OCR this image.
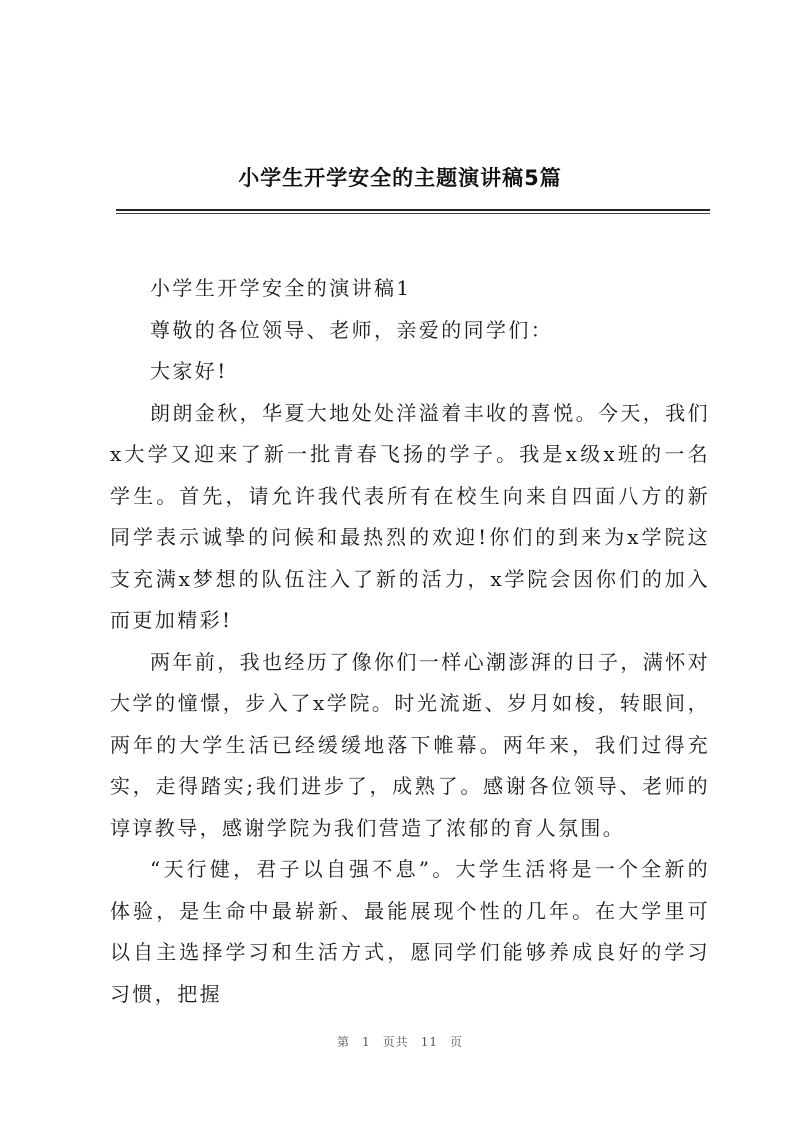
小学生开学安全的主题演讲稿5篇

小学生开学安全的演讲稿1

尊敬的各位领导、老师，亲爱的同学们：

大家好!

朗朗金秋，华夏大地处处洋溢着丰收的喜悦。今天，我们x大学又迎来了新一批青春飞扬的学子。我是x级x班的一名学生。首先，请允许我代表所有在校生向来自四面八方的新同学表示诚挚的问候和最热烈的欢迎!你们的到来为x学院这支充满x梦想的队伍注入了新的活力，x学院会因你们的加入而更加精彩!

两年前，我也经历了像你们一样心潮澎湃的日子，满怀对大学的憧憬，步入了x学院。时光流逝、岁月如梭，转眼间，两年的大学生活已经缓缓地落下帷幕。两年来，我们过得充实，走得踏实;我们进步了，成熟了。感谢各位领导、老师的谆谆教导，感谢学院为我们营造了浓郁的育人氛围。

“天行健，君子以自强不息”。大学生活将是一个全新的体验，是生命中最崭新、最能展现个性的几年。在大学里可以自主选择学习和生活方式，愿同学们能够养成良好的学习习惯，把握

第 1 页共 11 页
